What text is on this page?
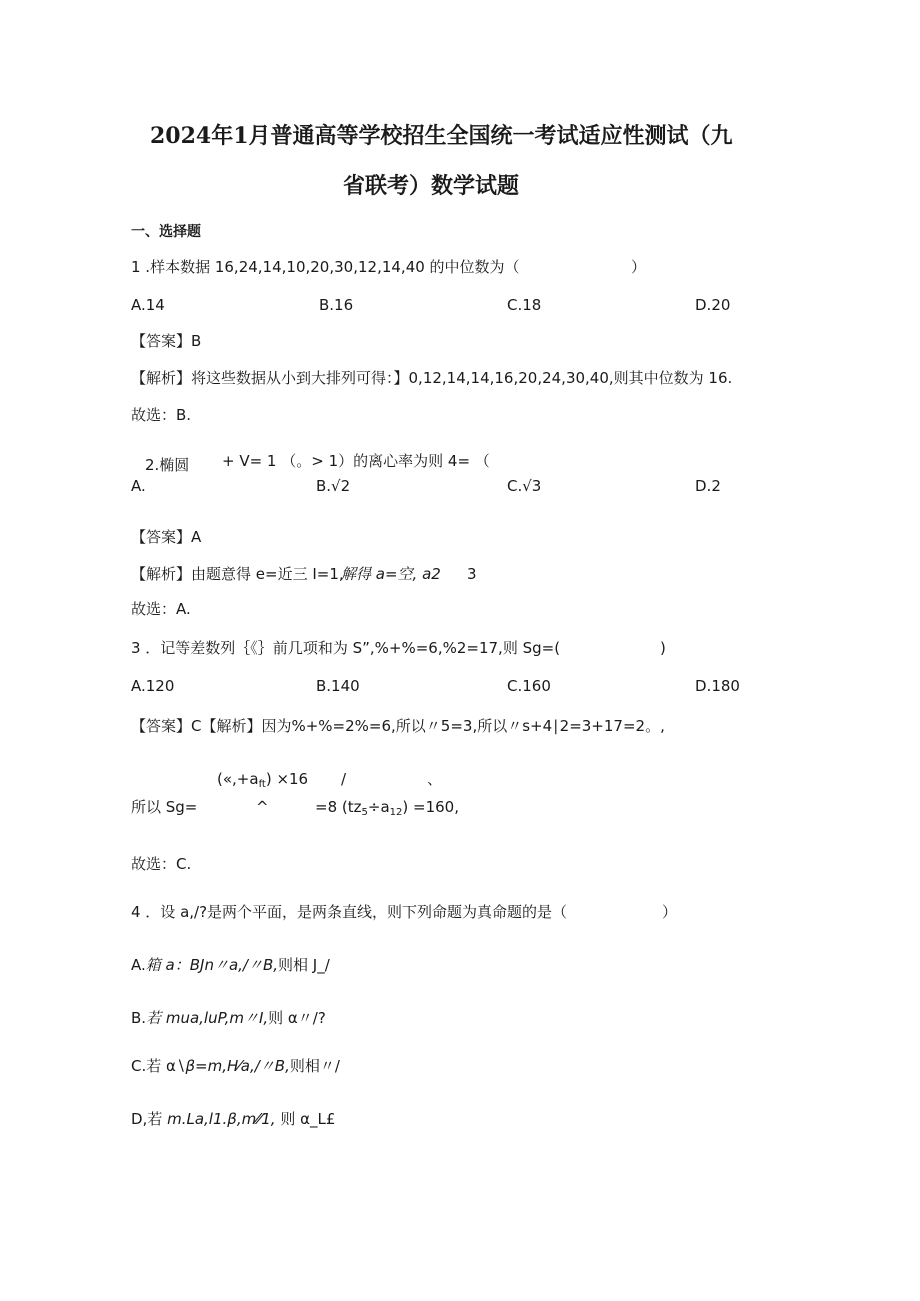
2024年1月普通高等学校招生全国统一考试适应性测试（九
省联考）数学试题
一、选择题
1 .样本数据 16,24,14,10,20,30,12,14,40 的中位数为（	）
A.14	B.16	C.18	D.20
【答案】B
【解析】将这些数据从小到大排列可得：】0,12,14,14,16,20,24,30,40,则其中位数为 16.
故选：B.
2.椭圆 + V= 1 （。> 1）的离心率为则 4= （
A.	B.√2	C.√3	D.2
【答案】A
【解析】由题意得 e=近三 I=1,
解得 a=空, a2 3
故选：A.
3 ．记等差数列｛《｝前几项和为 S”,%+%=6,%2=17,则 Sg=(	)
A.120	B.140	C.160	D.180
【答案】C【解析】因为%+%=2%=6,所以〃5=3,所以〃s+4∣2=3+17=2。,
$(«,+a_{ft}) \times 16$ /	、
所以 Sg=	^	=8 $(tz_5\div a_{12}) =160$,
故选：C.
4 ．设 a,/?是两个平面，是两条直线，则下列命题为真命题的是（	）
A.箱 a：BJn〃a,/〃B,则相 J_/
B.若 mua,luP,m〃I,则 α〃/?
C.若 α∖β=m,H⁄a,/〃B,则相〃/
D,若 m.La,l1.β,m⁄⁄1, 则 α_L£
